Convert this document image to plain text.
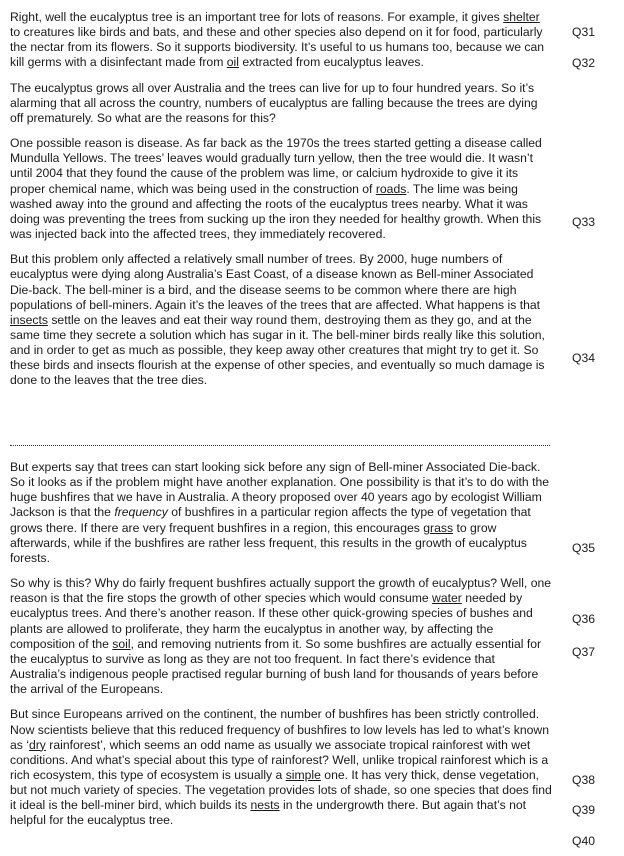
Right, well the eucalyptus tree is an important tree for lots of reasons. For example, it gives shelter to creatures like birds and bats, and these and other species also depend on it for food, particularly the nectar from its flowers. So it supports biodiversity. It’s useful to us humans too, because we can kill germs with a disinfectant made from oil extracted from eucalyptus leaves.

The eucalyptus grows all over Australia and the trees can live for up to four hundred years. So it’s alarming that all across the country, numbers of eucalyptus are falling because the trees are dying off prematurely. So what are the reasons for this?

One possible reason is disease. As far back as the 1970s the trees started getting a disease called Mundulla Yellows. The trees’ leaves would gradually turn yellow, then the tree would die. It wasn’t until 2004 that they found the cause of the problem was lime, or calcium hydroxide to give it its proper chemical name, which was being used in the construction of roads. The lime was being washed away into the ground and affecting the roots of the eucalyptus trees nearby. What it was doing was preventing the trees from sucking up the iron they needed for healthy growth. When this was injected back into the affected trees, they immediately recovered.

But this problem only affected a relatively small number of trees. By 2000, huge numbers of eucalyptus were dying along Australia’s East Coast, of a disease known as Bell-miner Associated Die-back. The bell-miner is a bird, and the disease seems to be common where there are high populations of bell-miners. Again it’s the leaves of the trees that are affected. What happens is that insects settle on the leaves and eat their way round them, destroying them as they go, and at the same time they secrete a solution which has sugar in it. The bell-miner birds really like this solution, and in order to get as much as possible, they keep away other creatures that might try to get it. So these birds and insects flourish at the expense of other species, and eventually so much damage is done to the leaves that the tree dies.

But experts say that trees can start looking sick before any sign of Bell-miner Associated Die-back. So it looks as if the problem might have another explanation. One possibility is that it’s to do with the huge bushfires that we have in Australia. A theory proposed over 40 years ago by ecologist William Jackson is that the frequency of bushfires in a particular region affects the type of vegetation that grows there. If there are very frequent bushfires in a region, this encourages grass to grow afterwards, while if the bushfires are rather less frequent, this results in the growth of eucalyptus forests.

So why is this? Why do fairly frequent bushfires actually support the growth of eucalyptus? Well, one reason is that the fire stops the growth of other species which would consume water needed by eucalyptus trees. And there’s another reason. If these other quick-growing species of bushes and plants are allowed to proliferate, they harm the eucalyptus in another way, by affecting the composition of the soil, and removing nutrients from it. So some bushfires are actually essential for the eucalyptus to survive as long as they are not too frequent. In fact there’s evidence that Australia’s indigenous people practised regular burning of bush land for thousands of years before the arrival of the Europeans.

But since Europeans arrived on the continent, the number of bushfires has been strictly controlled. Now scientists believe that this reduced frequency of bushfires to low levels has led to what’s known as ‘dry rainforest’, which seems an odd name as usually we associate tropical rainforest with wet conditions. And what’s special about this type of rainforest? Well, unlike tropical rainforest which is a rich ecosystem, this type of ecosystem is usually a simple one. It has very thick, dense vegetation, but not much variety of species. The vegetation provides lots of shade, so one species that does find it ideal is the bell-miner bird, which builds its nests in the undergrowth there. But again that’s not helpful for the eucalyptus tree.

Q31
Q32
Q33
Q34
Q35
Q36
Q37
Q38
Q39
Q40
